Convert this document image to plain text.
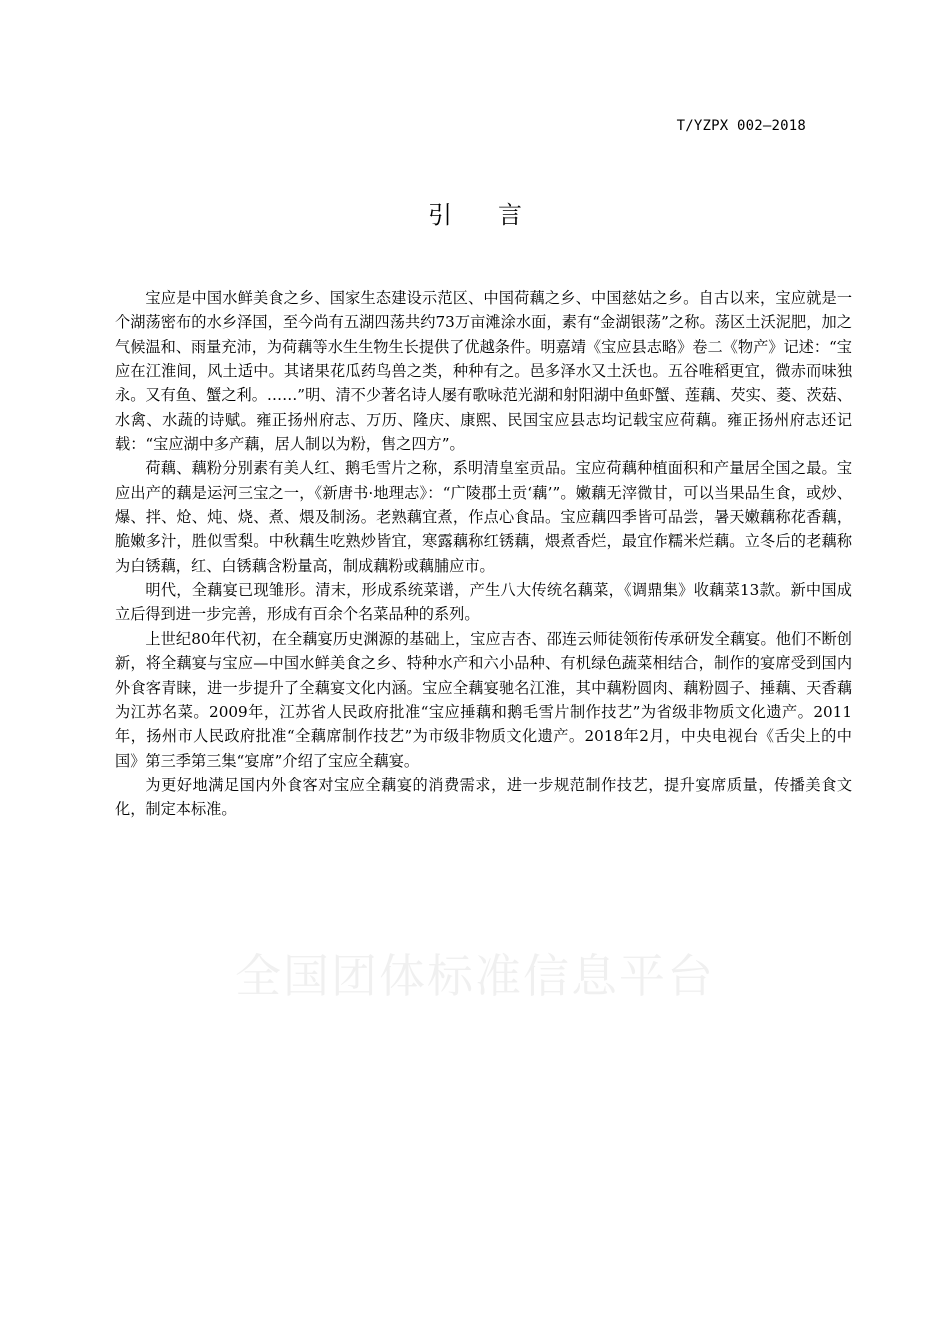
T/YZPX 002—2018
引言

宝应是中国水鲜美食之乡、国家生态建设示范区、中国荷藕之乡、中国慈姑之乡。自古以来，宝应就是一个湖荡密布的水乡泽国，至今尚有五湖四荡共约73万亩滩涂水面，素有“金湖银荡”之称。荡区土沃泥肥，加之气候温和、雨量充沛，为荷藕等水生生物生长提供了优越条件。明嘉靖《宝应县志略》卷二《物产》记述：“宝应在江淮间，风土适中。其诸果花瓜药鸟兽之类，种种有之。邑多泽水又土沃也。五谷唯稻更宜，微赤而味独永。又有鱼、蟹之利。……”明、清不少著名诗人屡有歌咏范光湖和射阳湖中鱼虾蟹、莲藕、芡实、菱、茨菇、水禽、水蔬的诗赋。雍正扬州府志、万历、隆庆、康熙、民国宝应县志均记载宝应荷藕。雍正扬州府志还记载：“宝应湖中多产藕，居人制以为粉，售之四方”。

荷藕、藕粉分别素有美人红、鹅毛雪片之称，系明清皇室贡品。宝应荷藕种植面积和产量居全国之最。宝应出产的藕是运河三宝之一，《新唐书·地理志》：“广陵郡土贡‘藕’”。嫩藕无滓微甘，可以当果品生食，或炒、爆、拌、炝、炖、烧、煮、煨及制汤。老熟藕宜煮，作点心食品。宝应藕四季皆可品尝，暑天嫩藕称花香藕，脆嫩多汁，胜似雪梨。中秋藕生吃熟炒皆宜，寒露藕称红锈藕，煨煮香烂，最宜作糯米烂藕。立冬后的老藕称为白锈藕，红、白锈藕含粉量高，制成藕粉或藕脯应市。

明代，全藕宴已现雏形。清末，形成系统菜谱，产生八大传统名藕菜，《调鼎集》收藕菜13款。新中国成立后得到进一步完善，形成有百余个名菜品种的系列。

上世纪80年代初，在全藕宴历史渊源的基础上，宝应吉杏、邵连云师徒领衔传承研发全藕宴。他们不断创新，将全藕宴与宝应—中国水鲜美食之乡、特种水产和六小品种、有机绿色蔬菜相结合，制作的宴席受到国内外食客青睐，进一步提升了全藕宴文化内涵。宝应全藕宴驰名江淮，其中藕粉圆肉、藕粉圆子、捶藕、天香藕为江苏名菜。2009年，江苏省人民政府批准“宝应捶藕和鹅毛雪片制作技艺”为省级非物质文化遗产。2011年，扬州市人民政府批准“全藕席制作技艺”为市级非物质文化遗产。2018年2月，中央电视台《舌尖上的中国》第三季第三集“宴席”介绍了宝应全藕宴。

为更好地满足国内外食客对宝应全藕宴的消费需求，进一步规范制作技艺，提升宴席质量，传播美食文化，制定本标准。

全国团体标准信息平台
